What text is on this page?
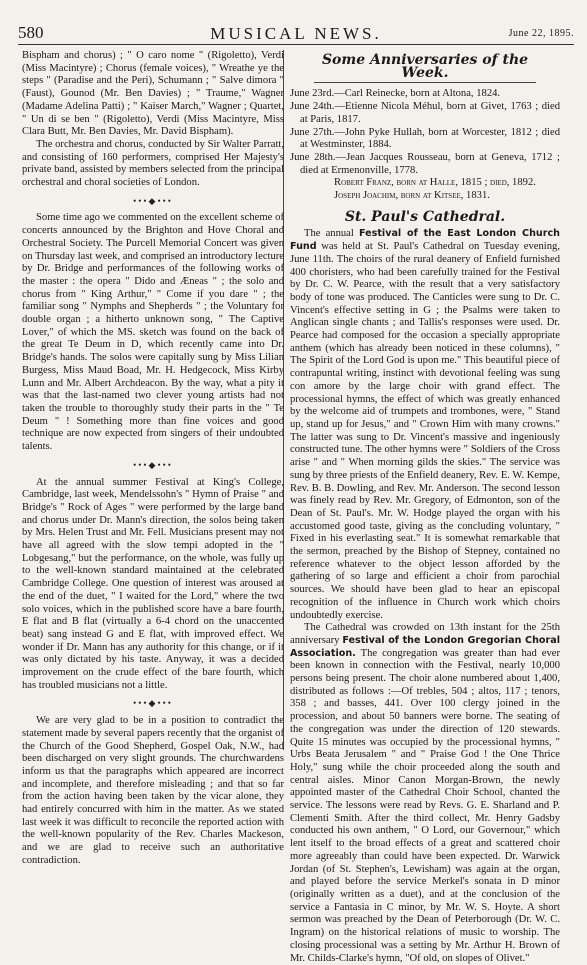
580	MUSICAL NEWS.	June 22, 1895.

Bispham and chorus) ; " O caro nome " (Rigoletto), Verdi (Miss Macintyre) ; Chorus (female voices), " Wreathe ye the steps " (Paradise and the Peri), Schumann ; " Salve dimora " (Faust), Gounod (Mr. Ben Davies) ; " Traume," Wagner (Madame Adelina Patti) ; " Kaiser March," Wagner ; Quartet, " Un di se ben " (Rigoletto), Verdi (Miss Macintyre, Miss Clara Butt, Mr. Ben Davies, Mr. David Bispham).

The orchestra and chorus, conducted by Sir Walter Parratt, and consisting of 160 performers, comprised Her Majesty's private band, assisted by members selected from the principal orchestral and choral societies of London.

•••◆•••

Some time ago we commented on the excellent scheme of concerts announced by the Brighton and Hove Choral and Orchestral Society. The Purcell Memorial Concert was given on Thursday last week, and comprised an introductory lecture by Dr. Bridge and performances of the following works of the master : the opera " Dido and Æneas " ; the solo and chorus from " King Arthur," " Come if you dare " ; the familiar song " Nymphs and Shepherds " ; the Voluntary for double organ ; a hitherto unknown song, " The Captive Lover," of which the MS. sketch was found on the back of the great Te Deum in D, which recently came into Dr. Bridge's hands. The solos were capitally sung by Miss Lilian Burgess, Miss Maud Boad, Mr. H. Hedgecock, Miss Kirby Lunn and Mr. Albert Archdeacon. By the way, what a pity it was that the last-named two clever young artists had not taken the trouble to thoroughly study their parts in the " Te Deum " ! Something more than fine voices and good technique are now expected from singers of their undoubted talents.

•••◆•••

At the annual summer Festival at King's College, Cambridge, last week, Mendelssohn's " Hymn of Praise " and Bridge's " Rock of Ages " were performed by the large band and chorus under Dr. Mann's direction, the solos being taken by Mrs. Helen Trust and Mr. Fell. Musicians present may not have all agreed with the slow tempi adopted in the " Lobgesang," but the performance, on the whole, was fully up to the well-known standard maintained at the celebrated Cambridge College. One question of interest was aroused at the end of the duet, " I waited for the Lord," where the two solo voices, which in the published score have a bare fourth, E flat and B flat (virtually a 6-4 chord on the unaccented beat) sang instead G and E flat, with improved effect. We wonder if Dr. Mann has any authority for this change, or if it was only dictated by his taste. Anyway, it was a decided improvement on the crude effect of the bare fourth, which has troubled musicians not a little.

•••◆•••

We are very glad to be in a position to contradict the statement made by several papers recently that the organist of the Church of the Good Shepherd, Gospel Oak, N.W., had been discharged on very slight grounds. The churchwardens inform us that the paragraphs which appeared are incorrect and incomplete, and therefore misleading ; and that so far from the action having been taken by the vicar alone, they had entirely concurred with him in the matter. As we stated last week it was difficult to reconcile the reported action with the well-known popularity of the Rev. Charles Mackeson, and we are glad to receive such an authoritative contradiction.

Some Anniversaries of the Week.

June 23rd.—Carl Reinecke, born at Altona, 1824.

June 24th.—Etienne Nicola Méhul, born at Givet, 1763 ; died at Paris, 1817.

June 27th.—John Pyke Hullah, born at Worcester, 1812 ; died at Westminster, 1884.

June 28th.—Jean Jacques Rousseau, born at Geneva, 1712 ; died at Ermenonville, 1778.

Robert Franz, born at Halle, 1815 ; died, 1892.

Joseph Joachim, born at Kitsee, 1831.

St. Paul's Cathedral.

The annual Festival of the East London Church Fund was held at St. Paul's Cathedral on Tuesday evening, June 11th. The choirs of the rural deanery of Enfield furnished 400 choristers, who had been carefully trained for the Festival by Dr. C. W. Pearce, with the result that a very satisfactory body of tone was produced. The Canticles were sung to Dr. C. Vincent's effective setting in G ; the Psalms were taken to Anglican single chants ; and Tallis's responses were used. Dr. Pearce had composed for the occasion a specially appropriate anthem (which has already been noticed in these columns), " The Spirit of the Lord God is upon me." This beautiful piece of contrapuntal writing, instinct with devotional feeling was sung con amore by the large choir with grand effect. The processional hymns, the effect of which was greatly enhanced by the welcome aid of trumpets and trombones, were, " Stand up, stand up for Jesus," and " Crown Him with many crowns." The latter was sung to Dr. Vincent's massive and ingeniously constructed tune. The other hymns were " Soldiers of the Cross arise " and " When morning gilds the skies." The service was sung by three priests of the Enfield deanery, Rev. E. W. Kempe, Rev. B. B. Dowling, and Rev. Mr. Anderson. The second lesson was finely read by Rev. Mr. Gregory, of Edmonton, son of the Dean of St. Paul's. Mr. W. Hodge played the organ with his accustomed good taste, giving as the concluding voluntary, " Fixed in his everlasting seat." It is somewhat remarkable that the sermon, preached by the Bishop of Stepney, contained no reference whatever to the object lesson afforded by the gathering of so large and efficient a choir from parochial sources. We should have been glad to hear an episcopal recognition of the influence in Church work which choirs undoubtedly exercise.

The Cathedral was crowded on 13th instant for the 25th anniversary Festival of the London Gregorian Choral Association. The congregation was greater than had ever been known in connection with the Festival, nearly 10,000 persons being present. The choir alone numbered about 1,400, distributed as follows :—Of trebles, 504 ; altos, 117 ; tenors, 358 ; and basses, 441. Over 100 clergy joined in the procession, and about 50 banners were borne. The seating of the congregation was under the direction of 120 stewards. Quite 15 minutes was occupied by the processional hymns, " Urbs Beata Jerusalem " and " Praise God ! the One Thrice Holy," sung while the choir proceeded along the south and central aisles. Minor Canon Morgan-Brown, the newly appointed master of the Cathedral Choir School, chanted the service. The lessons were read by Revs. G. E. Sharland and P. Clementi Smith. After the third collect, Mr. Henry Gadsby conducted his own anthem, " O Lord, our Governour," which lent itself to the broad effects of a great and scattered choir more agreeably than could have been expected. Dr. Warwick Jordan (of St. Stephen's, Lewisham) was again at the organ, and played before the service Merkel's sonata in D minor (originally written as a duet), and at the conclusion of the service a Fantasia in C minor, by Mr. W. S. Hoyte. A short sermon was preached by the Dean of Peterborough (Dr. W. C. Ingram) on the historical relations of music to worship. The closing processional was a setting by Mr. Arthur H. Brown of Mr. Childs-Clarke's hymn, "Of old, on slopes of Olivet."
